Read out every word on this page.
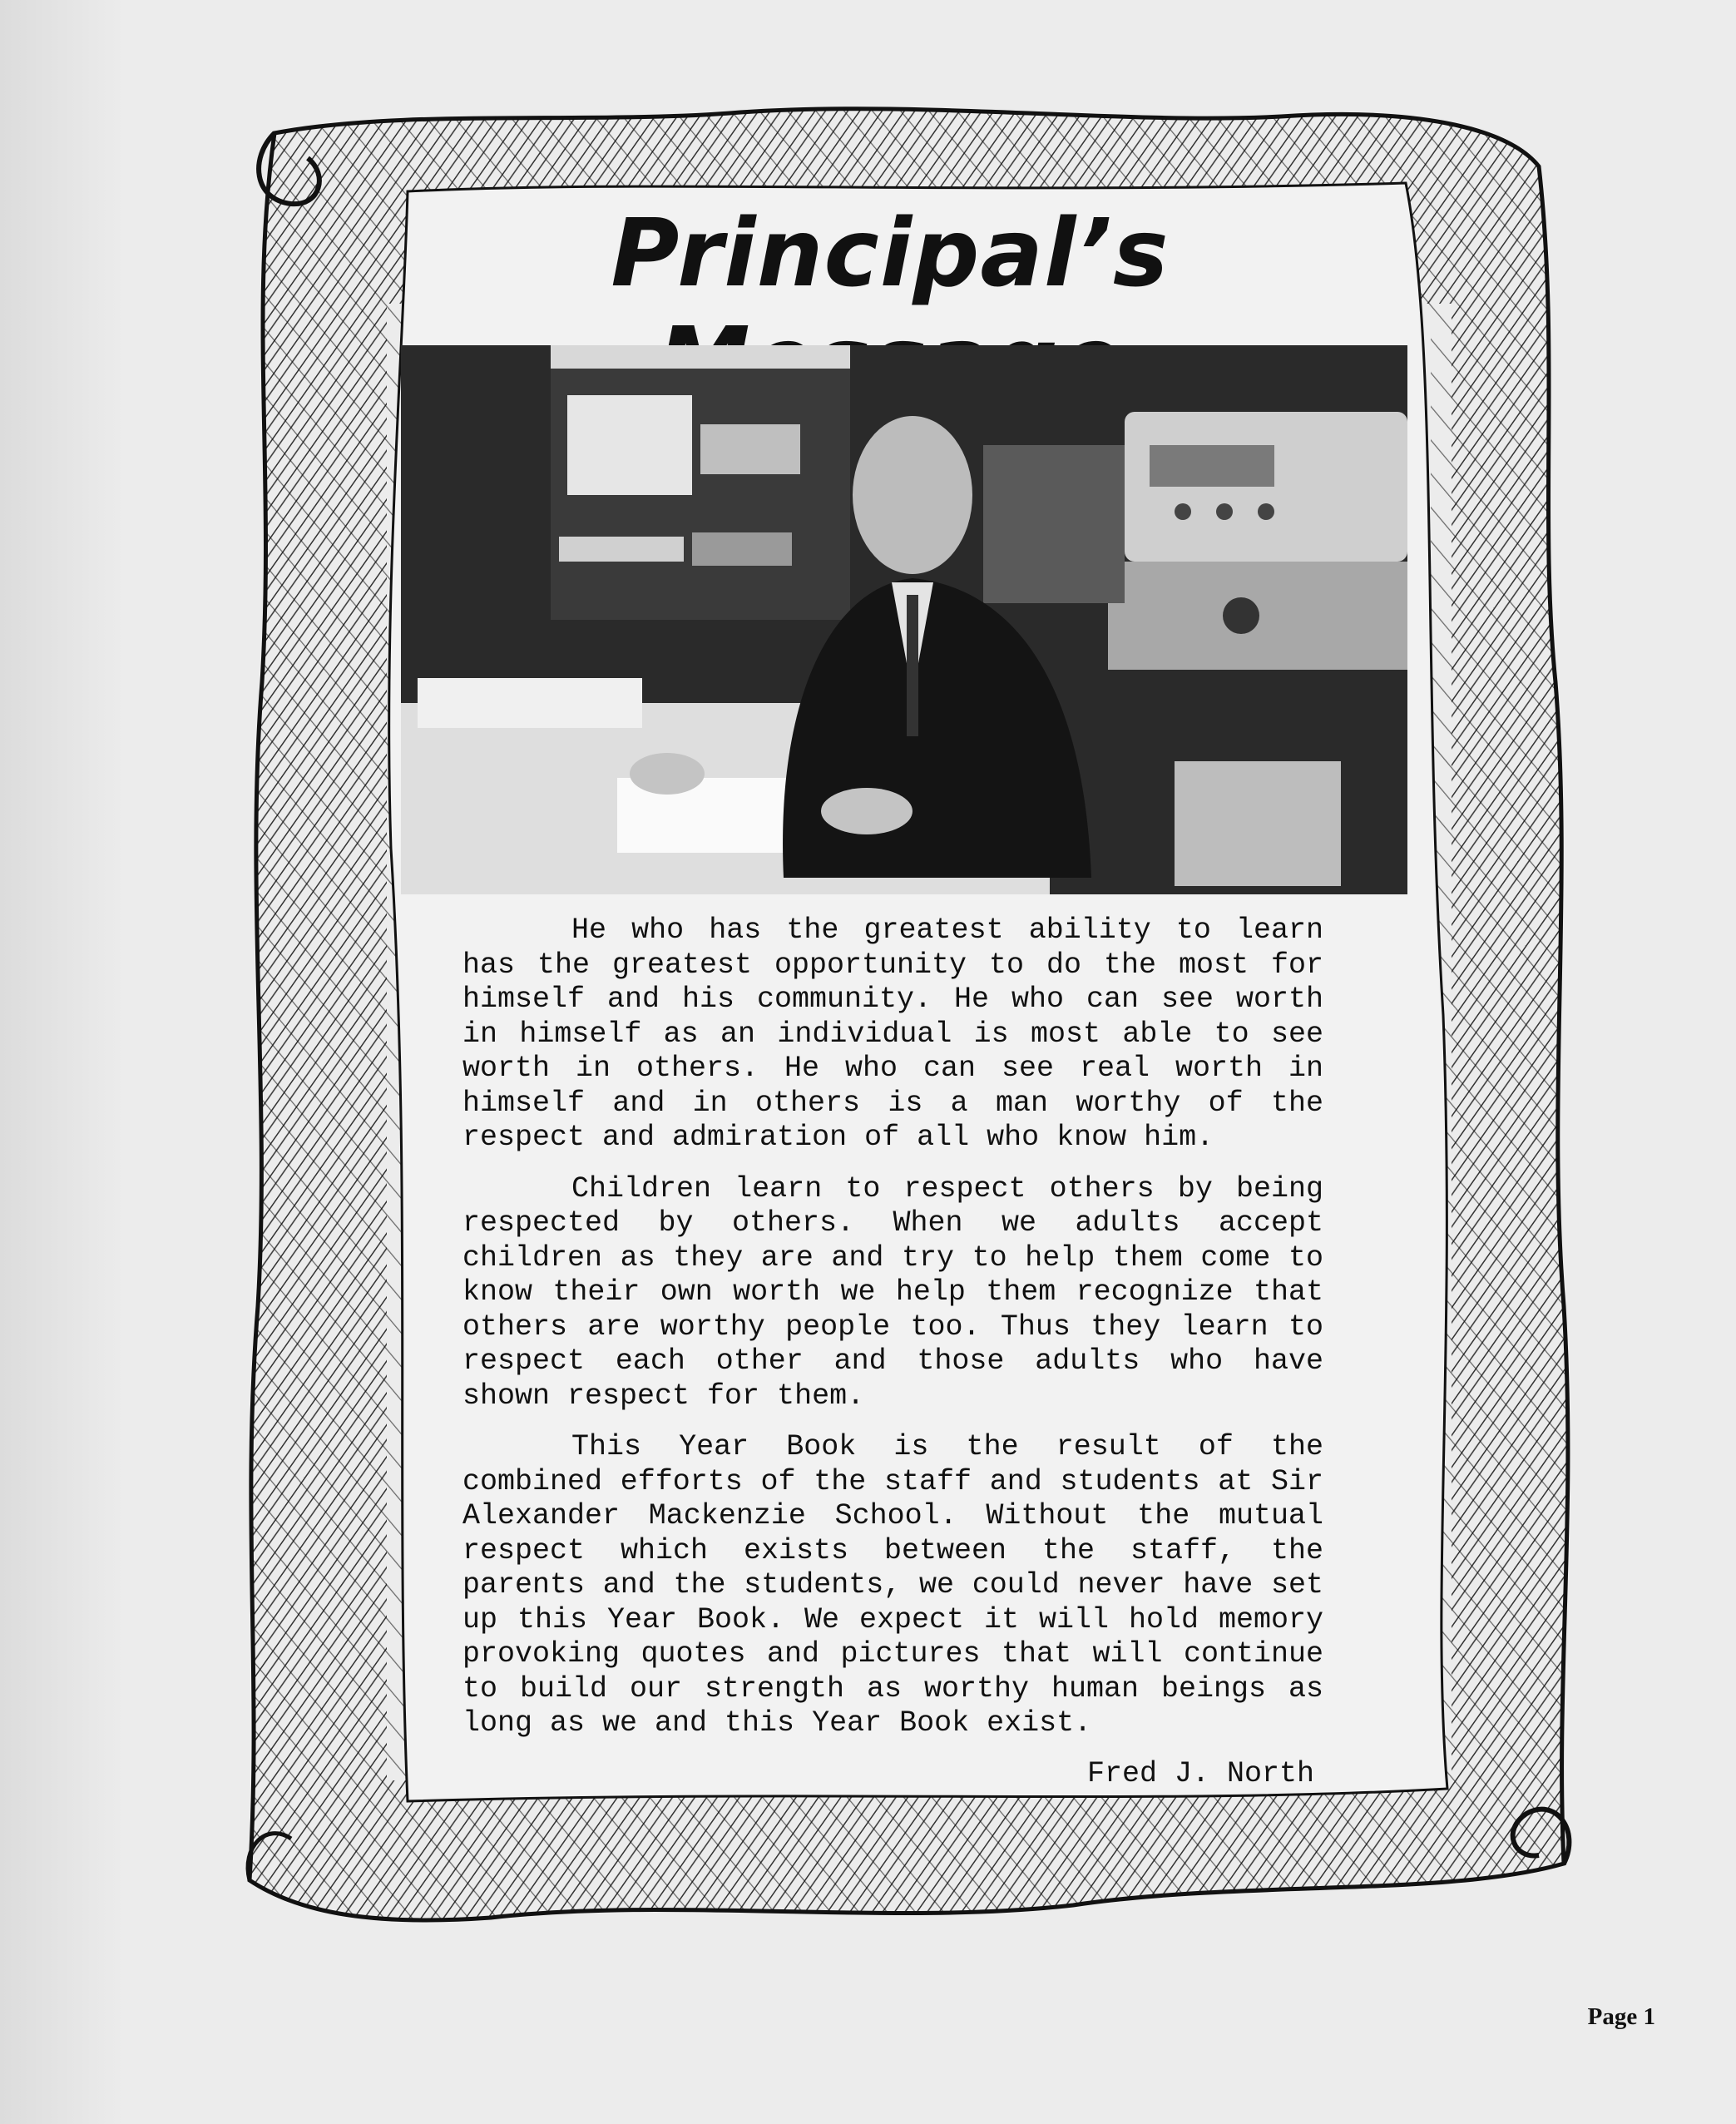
Principal’s

He who has the greatest ability to learn has the greatest opportunity to do the most for himself and his community. He who can see worth in himself as an individual is most able to see worth in others. He who can see real worth in himself and in others is a man worthy of the respect and admiration of all who know him.

Children learn to respect others by being respected by others. When we adults accept children as they are and try to help them come to know their own worth we help them recognize that others are worthy people too. Thus they learn to respect each other and those adults who have shown respect for them.

This Year Book is the result of the combined efforts of the staff and students at Sir Alexander Mackenzie School. Without the mutual respect which exists between the staff, the parents and the students, we could never have set up this Year Book. We expect it will hold memory provoking quotes and pictures that will continue to build our strength as worthy human beings as long as we and this Year Book exist.

Fred J. North
Page 1
